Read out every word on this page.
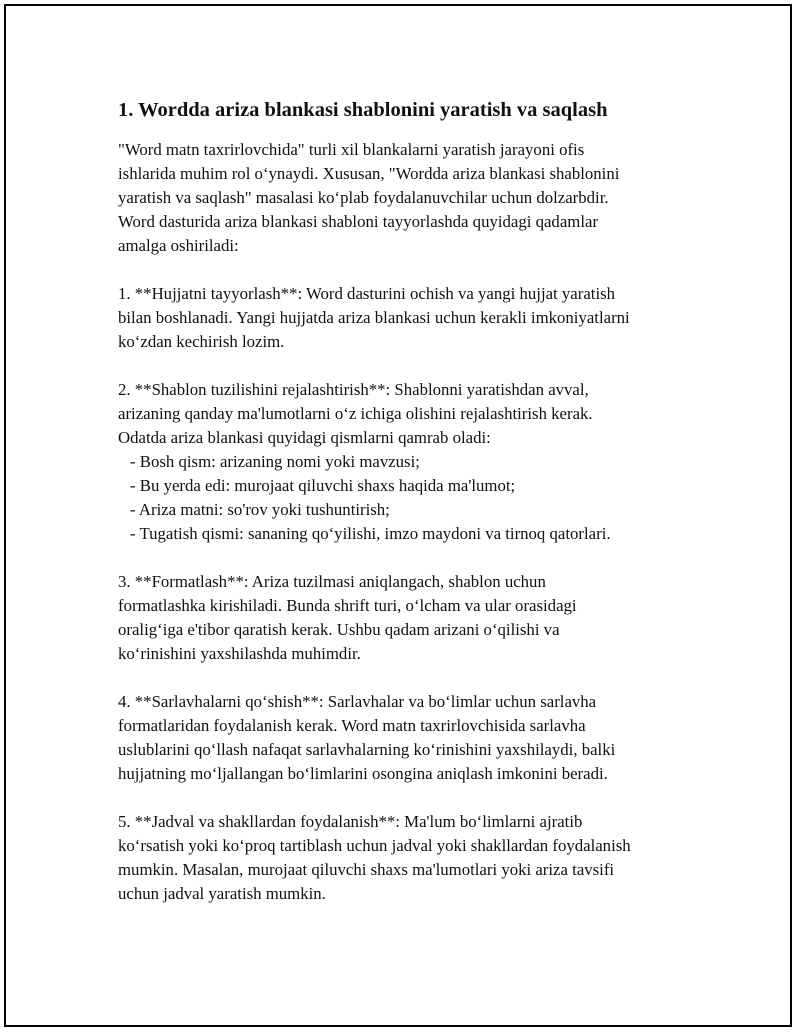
1. Wordda ariza blankasi shablonini yaratish va saqlash

"Word matn taxrirlovchida" turli xil blankalarni yaratish jarayoni ofis
ishlarida muhim rol o‘ynaydi. Xususan, "Wordda ariza blankasi shablonini
yaratish va saqlash" masalasi ko‘plab foydalanuvchilar uchun dolzarbdir.
Word dasturida ariza blankasi shabloni tayyorlashda quyidagi qadamlar
amalga oshiriladi:

1. **Hujjatni tayyorlash**: Word dasturini ochish va yangi hujjat yaratish
bilan boshlanadi. Yangi hujjatda ariza blankasi uchun kerakli imkoniyatlarni
ko‘zdan kechirish lozim.

2. **Shablon tuzilishini rejalashtirish**: Shablonni yaratishdan avval,
arizaning qanday ma'lumotlarni o‘z ichiga olishini rejalashtirish kerak.
Odatda ariza blankasi quyidagi qismlarni qamrab oladi:
- Bosh qism: arizaning nomi yoki mavzusi;
- Bu yerda edi: murojaat qiluvchi shaxs haqida ma'lumot;
- Ariza matni: so'rov yoki tushuntirish;
- Tugatish qismi: sananing qo‘yilishi, imzo maydoni va tirnoq qatorlari.

3. **Formatlash**: Ariza tuzilmasi aniqlangach, shablon uchun
formatlashka kirishiladi. Bunda shrift turi, o‘lcham va ular orasidagi
oralig‘iga e'tibor qaratish kerak. Ushbu qadam arizani o‘qilishi va
ko‘rinishini yaxshilashda muhimdir.

4. **Sarlavhalarni qo‘shish**: Sarlavhalar va bo‘limlar uchun sarlavha
formatlaridan foydalanish kerak. Word matn taxrirlovchisida sarlavha
uslublarini qo‘llash nafaqat sarlavhalarning ko‘rinishini yaxshilaydi, balki
hujjatning mo‘ljallangan bo‘limlarini osongina aniqlash imkonini beradi.

5. **Jadval va shakllardan foydalanish**: Ma'lum bo‘limlarni ajratib
ko‘rsatish yoki ko‘proq tartiblash uchun jadval yoki shakllardan foydalanish
mumkin. Masalan, murojaat qiluvchi shaxs ma'lumotlari yoki ariza tavsifi
uchun jadval yaratish mumkin.
